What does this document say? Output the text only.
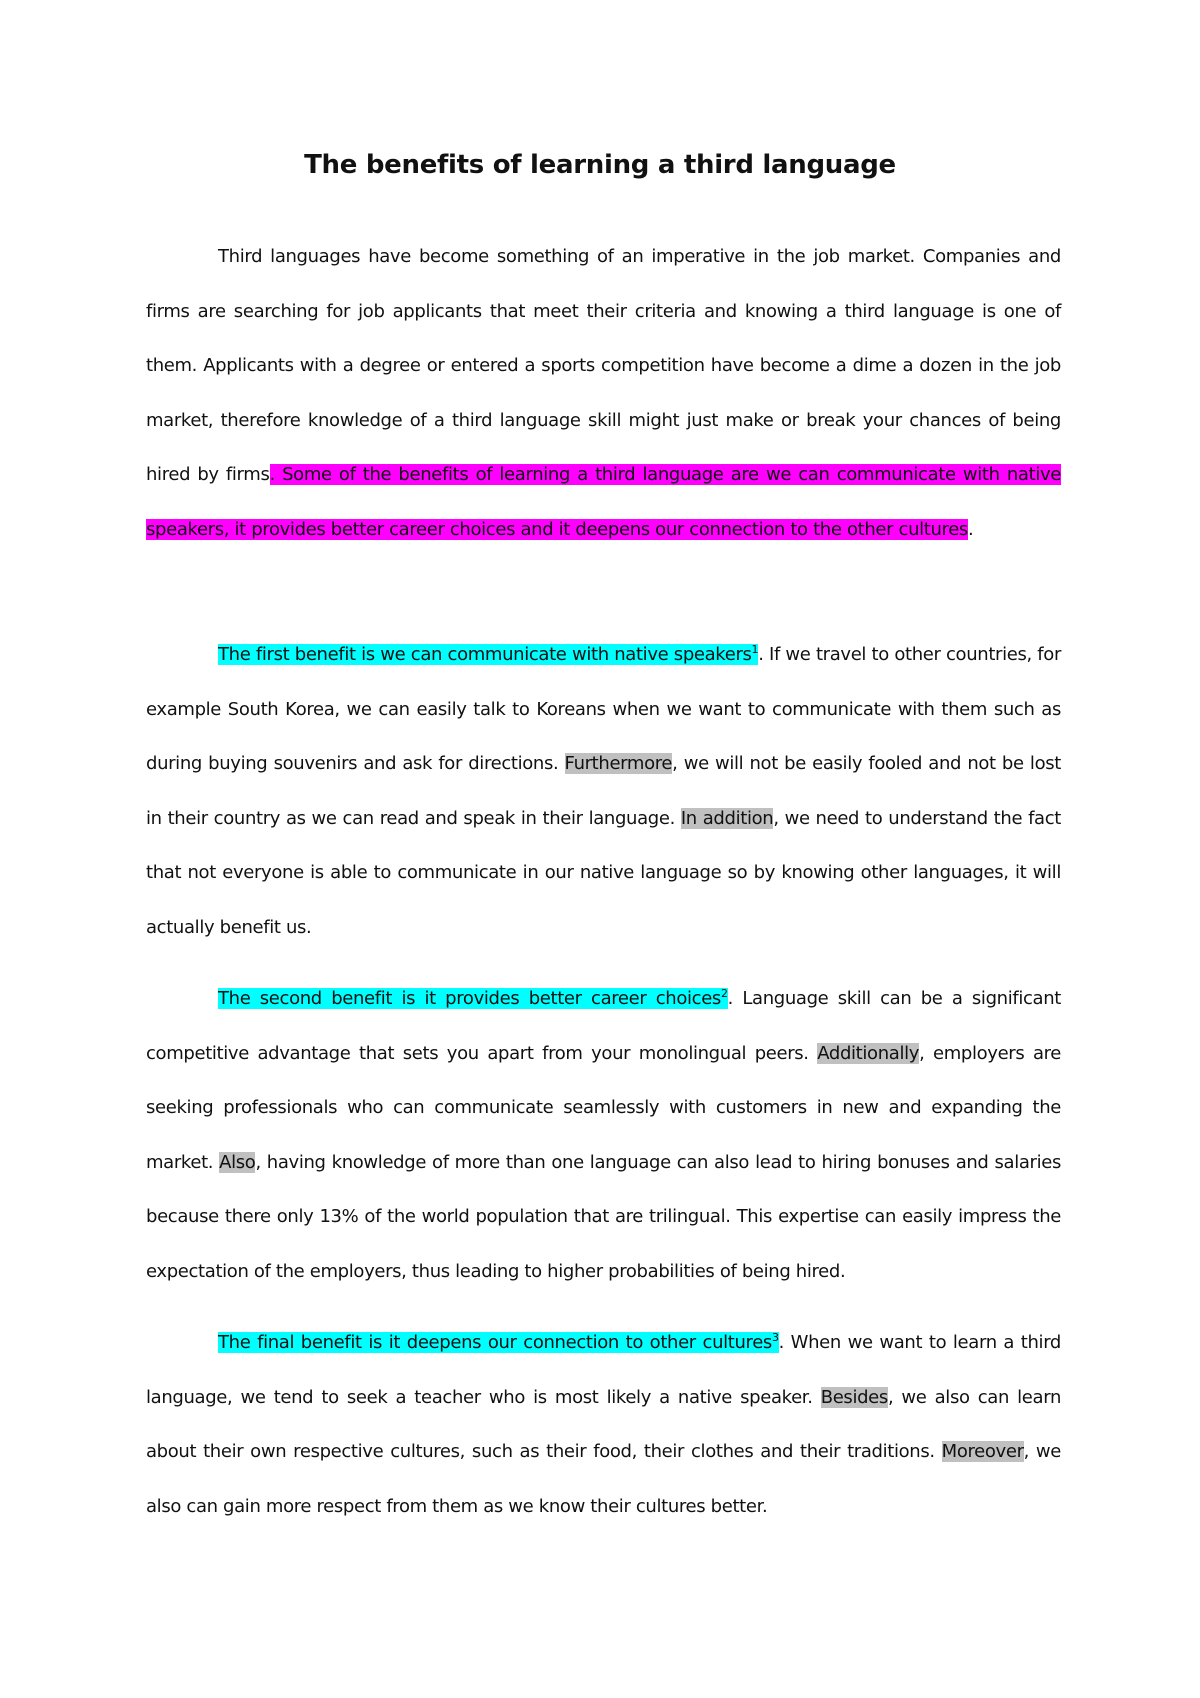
The benefits of learning a third language

Third languages have become something of an imperative in the job market. Companies and firms are searching for job applicants that meet their criteria and knowing a third language is one of them. Applicants with a degree or entered a sports competition have become a dime a dozen in the job market, therefore knowledge of a third language skill might just make or break your chances of being hired by firms. Some of the benefits of learning a third language are we can communicate with native speakers, it provides better career choices and it deepens our connection to the other cultures.

The first benefit is we can communicate with native speakers$^1$. If we travel to other countries, for example South Korea, we can easily talk to Koreans when we want to communicate with them such as during buying souvenirs and ask for directions. Furthermore, we will not be easily fooled and not be lost in their country as we can read and speak in their language. In addition, we need to understand the fact that not everyone is able to communicate in our native language so by knowing other languages, it will actually benefit us.

The second benefit is it provides better career choices$^2$. Language skill can be a significant competitive advantage that sets you apart from your monolingual peers. Additionally, employers are seeking professionals who can communicate seamlessly with customers in new and expanding the market. Also, having knowledge of more than one language can also lead to hiring bonuses and salaries because there only 13% of the world population that are trilingual. This expertise can easily impress the expectation of the employers, thus leading to higher probabilities of being hired.

The final benefit is it deepens our connection to other cultures$^3$. When we want to learn a third language, we tend to seek a teacher who is most likely a native speaker. Besides, we also can learn about their own respective cultures, such as their food, their clothes and their traditions. Moreover, we also can gain more respect from them as we know their cultures better.
